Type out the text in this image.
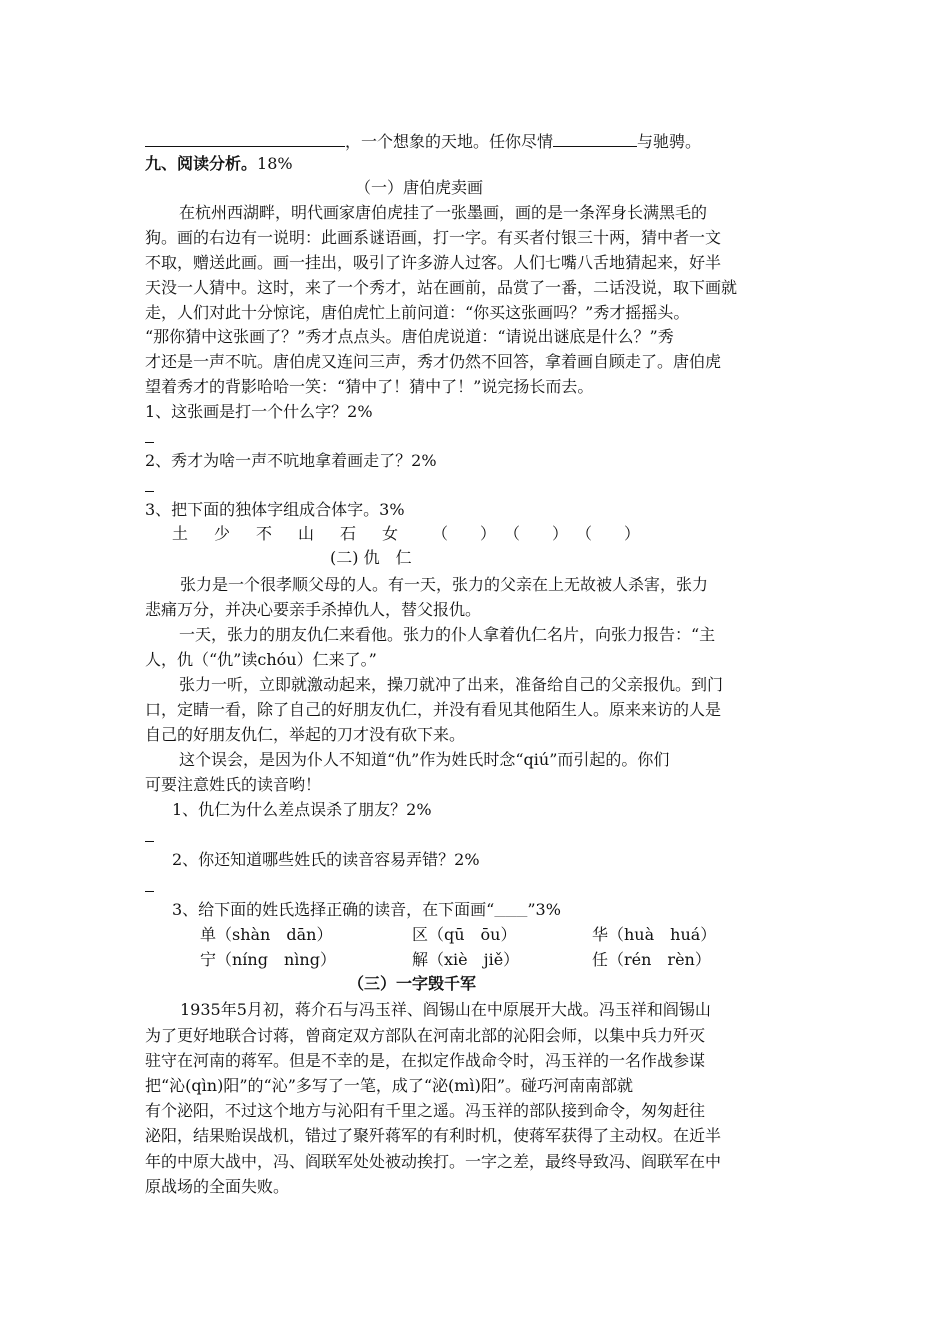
，一个想象的天地。任你尽情	与驰骋。
九、阅读分析。18%
（一）唐伯虎卖画
在杭州西湖畔，明代画家唐伯虎挂了一张墨画，画的是一条浑身长满黑毛的
狗。画的右边有一说明：此画系谜语画，打一字。有买者付银三十两，猜中者一文
不取，赠送此画。画一挂出，吸引了许多游人过客。人们七嘴八舌地猜起来，好半
天没一人猜中。这时，来了一个秀才，站在画前，品赏了一番，二话没说，取下画就
走，人们对此十分惊诧，唐伯虎忙上前问道：“你买这张画吗？”秀才摇摇头。
“那你猜中这张画了？”秀才点点头。唐伯虎说道：“请说出谜底是什么？”秀
才还是一声不吭。唐伯虎又连问三声，秀才仍然不回答，拿着画自顾走了。唐伯虎
望着秀才的背影哈哈一笑：“猜中了！猜中了！”说完扬长而去。
1、这张画是打一个什么字？2%
2、秀才为啥一声不吭地拿着画走了？2%
3、把下面的独体字组成合体字。3%
土 少 不 山 石 女 （　　） （　　） （　　）
(二) 仇　仁
张力是一个很孝顺父母的人。有一天，张力的父亲在上无故被人杀害，张力
悲痛万分，并决心要亲手杀掉仇人，替父报仇。
一天，张力的朋友仇仁来看他。张力的仆人拿着仇仁名片，向张力报告：“主
人，仇（“仇”读chóu）仁来了。”
张力一听，立即就激动起来，操刀就冲了出来，准备给自己的父亲报仇。到门
口，定睛一看，除了自己的好朋友仇仁，并没有看见其他陌生人。原来来访的人是
自己的好朋友仇仁，举起的刀才没有砍下来。
这个误会，是因为仆人不知道“仇”作为姓氏时念“qiú”而引起的。你们
可要注意姓氏的读音哟！
1、仇仁为什么差点误杀了朋友？2%
2、你还知道哪些姓氏的读音容易弄错？2%
3、给下面的姓氏选择正确的读音，在下面画“＿＿＿”3%
单（shàn　dān）	区（qū　ōu）	华（huà　huá）
宁（níng　nìng）	解（xiè　jiě）	任（rén　rèn）
（三）一字毁千军
1935年5月初，蒋介石与冯玉祥、阎锡山在中原展开大战。冯玉祥和阎锡山
为了更好地联合讨蒋，曾商定双方部队在河南北部的沁阳会师，以集中兵力歼灭
驻守在河南的蒋军。但是不幸的是，在拟定作战命令时，冯玉祥的一名作战参谋
把“沁(qìn)阳”的“沁”多写了一笔，成了“泌(mì)阳”。碰巧河南南部就
有个泌阳，不过这个地方与沁阳有千里之遥。冯玉祥的部队接到命令，匆匆赶往
泌阳，结果贻误战机，错过了聚歼蒋军的有利时机，使蒋军获得了主动权。在近半
年的中原大战中，冯、阎联军处处被动挨打。一字之差，最终导致冯、阎联军在中
原战场的全面失败。
